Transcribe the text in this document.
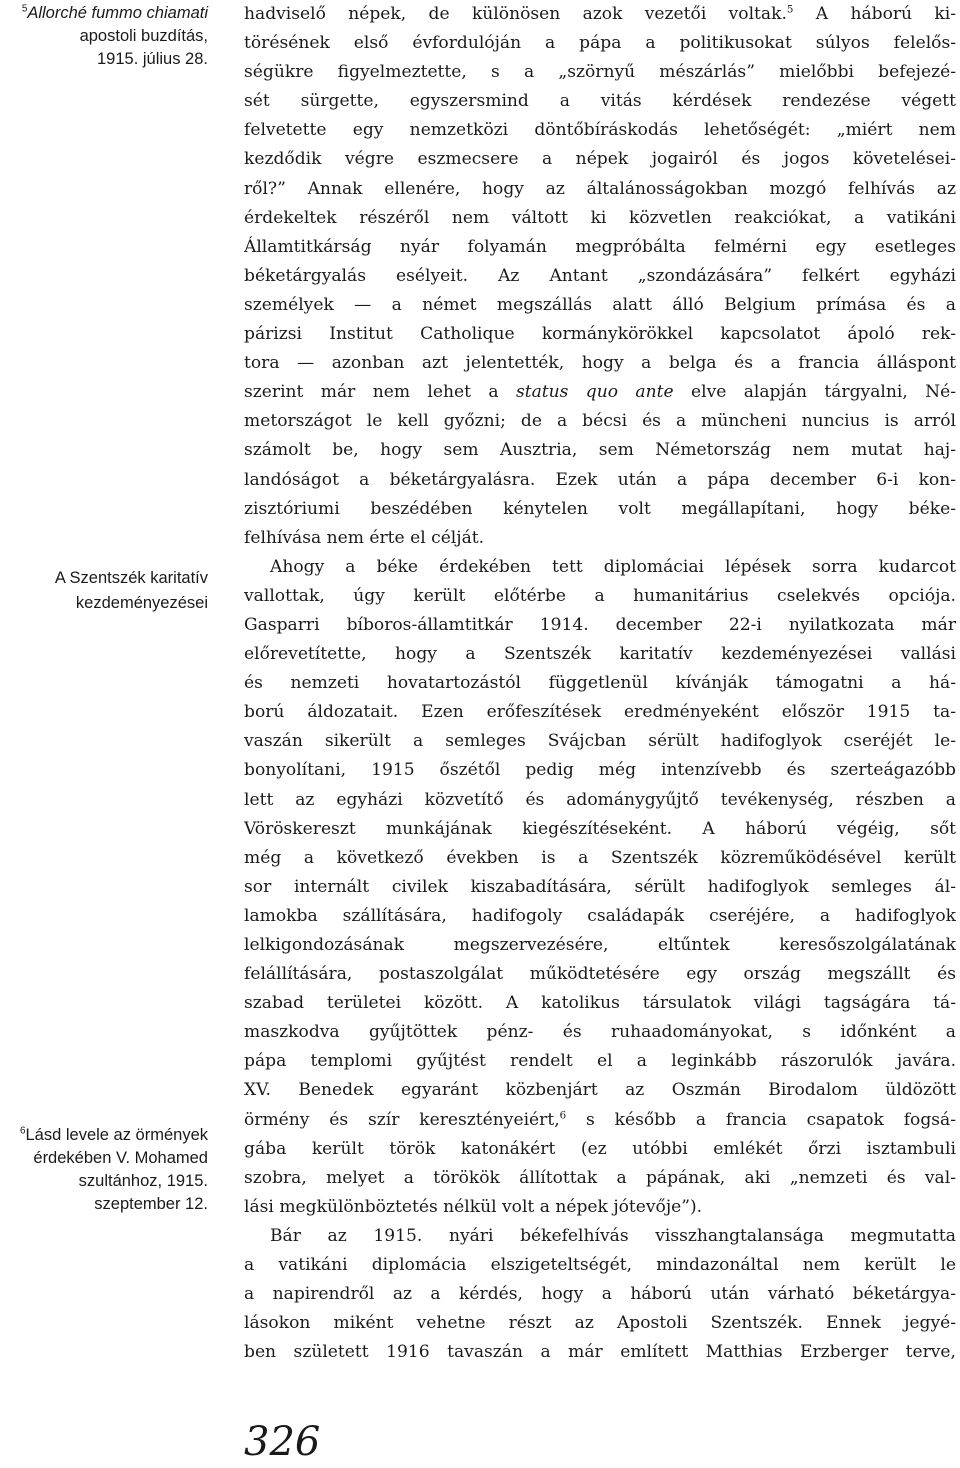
$^5$Allorché fummo chiamati
apostoli buzdítás,
1915. július 28.
A Szentszék karitatív
kezdeményezései
$^6$Lásd levele az örmények
érdekében V. Mohamed
szultánhoz, 1915.
szeptember 12.

hadviselő népek, de különösen azok vezetői voltak.$^5$ A háború ki-
törésének első évfordulóján a pápa a politikusokat súlyos felelős-
ségükre figyelmeztette, s a „szörnyű mészárlás” mielőbbi befejezé-
sét sürgette, egyszersmind a vitás kérdések rendezése végett
felvetette egy nemzetközi döntőbíráskodás lehetőségét: „miért nem
kezdődik végre eszmecsere a népek jogairól és jogos követelései-
ről?” Annak ellenére, hogy az általánosságokban mozgó felhívás az
érdekeltek részéről nem váltott ki közvetlen reakciókat, a vatikáni
Államtitkárság nyár folyamán megpróbálta felmérni egy esetleges
béketárgyalás esélyeit. Az Antant „szondázására” felkért egyházi
személyek — a német megszállás alatt álló Belgium prímása és a
párizsi Institut Catholique kormánykörökkel kapcsolatot ápoló rek-
tora — azonban azt jelentették, hogy a belga és a francia álláspont
szerint már nem lehet a status quo ante elve alapján tárgyalni, Né-
metországot le kell győzni; de a bécsi és a müncheni nuncius is arról
számolt be, hogy sem Ausztria, sem Németország nem mutat haj-
landóságot a béketárgyalásra. Ezek után a pápa december 6-i kon-
zisztóriumi beszédében kénytelen volt megállapítani, hogy béke-
felhívása nem érte el célját.

Ahogy a béke érdekében tett diplomáciai lépések sorra kudarcot
vallottak, úgy került előtérbe a humanitárius cselekvés opciója.
Gasparri bíboros-államtitkár 1914. december 22-i nyilatkozata már
előrevetítette, hogy a Szentszék karitatív kezdeményezései vallási
és nemzeti hovatartozástól függetlenül kívánják támogatni a há-
ború áldozatait. Ezen erőfeszítések eredményeként először 1915 ta-
vaszán sikerült a semleges Svájcban sérült hadifoglyok cseréjét le-
bonyolítani, 1915 őszétől pedig még intenzívebb és szerteágazóbb
lett az egyházi közvetítő és adománygyűjtő tevékenység, részben a
Vöröskereszt munkájának kiegészítéseként. A háború végéig, sőt
még a következő években is a Szentszék közreműködésével került
sor internált civilek kiszabadítására, sérült hadifoglyok semleges ál-
lamokba szállítására, hadifogoly családapák cseréjére, a hadifoglyok
lelkigondozásának megszervezésére, eltűntek keresőszolgálatának
felállítására, postaszolgálat működtetésére egy ország megszállt és
szabad területei között. A katolikus társulatok világi tagságára tá-
maszkodva gyűjtöttek pénz- és ruhaadományokat, s időnként a
pápa templomi gyűjtést rendelt el a leginkább rászorulók javára.
XV. Benedek egyaránt közbenjárt az Oszmán Birodalom üldözött
örmény és szír keresztényeiért,$^6$ s később a francia csapatok fogsá-
gába került török katonákért (ez utóbbi emlékét őrzi isztambuli
szobra, melyet a törökök állítottak a pápának, aki „nemzeti és val-
lási megkülönböztetés nélkül volt a népek jótevője”).

Bár az 1915. nyári békefelhívás visszhangtalansága megmutatta
a vatikáni diplomácia elszigeteltségét, mindazonáltal nem került le
a napirendről az a kérdés, hogy a háború után várható béketárgya-
lásokon miként vehetne részt az Apostoli Szentszék. Ennek jegyé-
ben született 1916 tavaszán a már említett Matthias Erzberger terve,

326
